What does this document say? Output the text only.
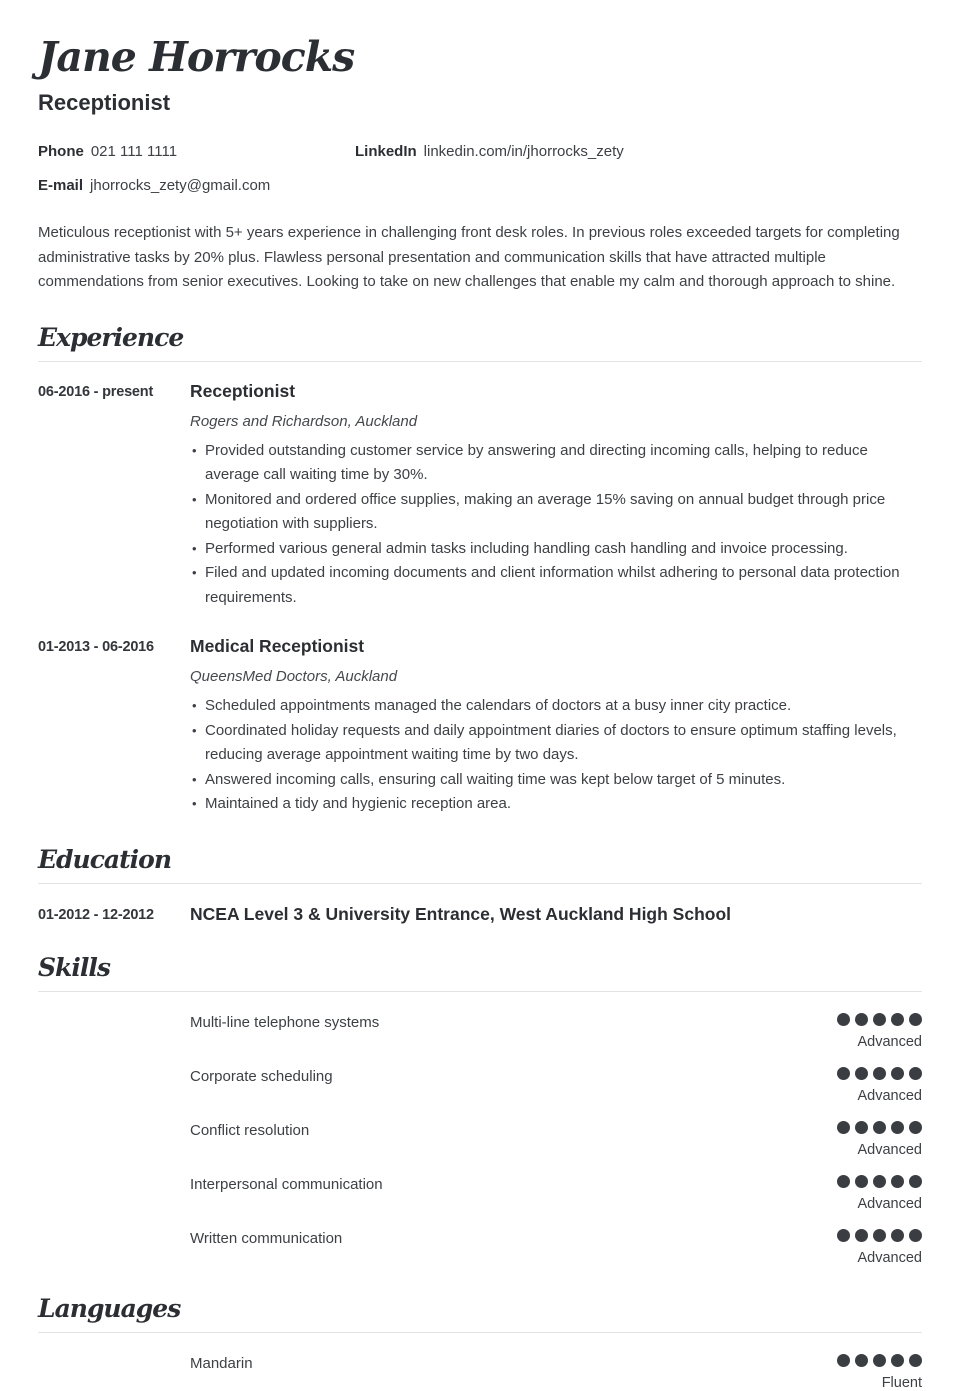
Jane Horrocks
Receptionist
Phone 021 111 1111	LinkedIn linkedin.com/in/jhorrocks_zety
E-mail jhorrocks_zety@gmail.com

Meticulous receptionist with 5+ years experience in challenging front desk roles. In previous roles exceeded targets for completing administrative tasks by 20% plus. Flawless personal presentation and communication skills that have attracted multiple commendations from senior executives. Looking to take on new challenges that enable my calm and thorough approach to shine.

Experience
06-2016 - present	Receptionist
Rogers and Richardson, Auckland
• Provided outstanding customer service by answering and directing incoming calls, helping to reduce average call waiting time by 30%.
• Monitored and ordered office supplies, making an average 15% saving on annual budget through price negotiation with suppliers.
• Performed various general admin tasks including handling cash handling and invoice processing.
• Filed and updated incoming documents and client information whilst adhering to personal data protection requirements.
01-2013 - 06-2016	Medical Receptionist
QueensMed Doctors, Auckland
• Scheduled appointments managed the calendars of doctors at a busy inner city practice.
• Coordinated holiday requests and daily appointment diaries of doctors to ensure optimum staffing levels, reducing average appointment waiting time by two days.
• Answered incoming calls, ensuring call waiting time was kept below target of 5 minutes.
• Maintained a tidy and hygienic reception area.
Education
01-2012 - 12-2012	NCEA Level 3 & University Entrance, West Auckland High School
Skills
Multi-line telephone systems
Advanced
Corporate scheduling
Advanced
Conflict resolution
Advanced
Interpersonal communication
Advanced
Written communication
Advanced
Languages
Mandarin
Fluent
